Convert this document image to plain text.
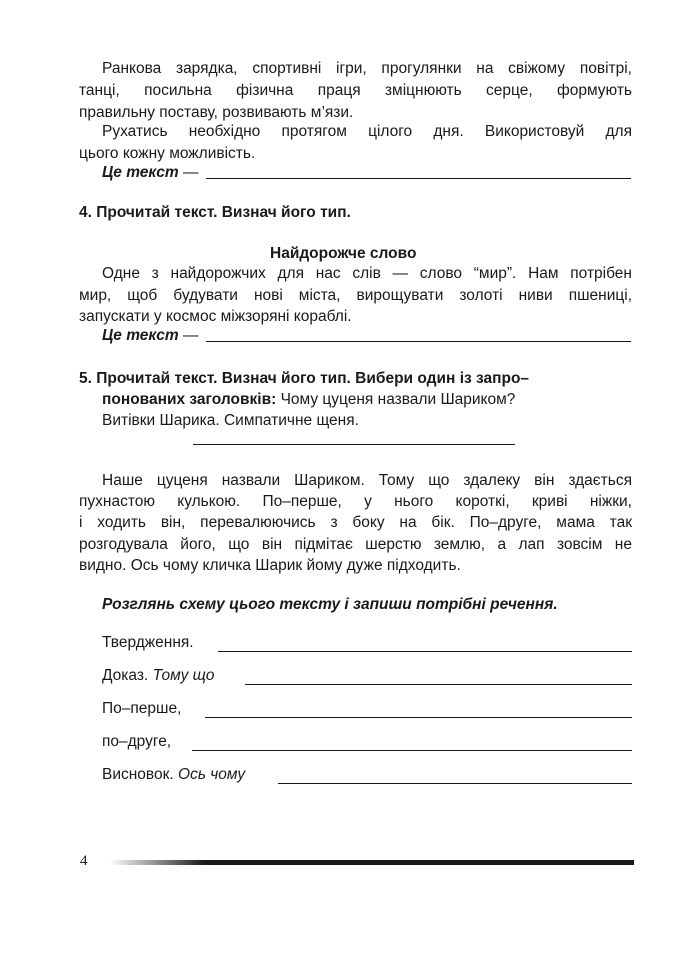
Ранкова зарядка, спортивні ігри, прогулянки на свіжому повітрі,
танці, посильна фізична праця зміцнюють серце, формують
правильну поставу, розвивають м’язи.
Рухатись необхідно протягом цілого дня. Використовуй для
цього кожну можливість.
Це текст —
4. Прочитай текст. Визнач його тип.
Найдорожче слово
Одне з найдорожчих для нас слів — слово “мир”. Нам потрібен
мир, щоб будувати нові міста, вирощувати золоті ниви пшениці,
запускати у космос міжзоряні кораблі.
Це текст —
5. Прочитай текст. Визнач його тип. Вибери один із запро–
понованих заголовків: Чому цуценя назвали Шариком?
Витівки Шарика. Симпатичне щеня.
Наше цуценя назвали Шариком. Тому що здалеку він здається
пухнастою кулькою. По–перше, у нього короткі, криві ніжки,
і ходить він, перевалюючись з боку на бік. По–друге, мама так
розгодувала його, що він підмітає шерстю землю, а лап зовсім не
видно. Ось чому кличка Шарик йому дуже підходить.
Розглянь схему цього тексту і запиши потрібні речення.
Твердження.
Доказ. Тому що
По–перше,
по–друге,
Висновок. Ось чому
4
